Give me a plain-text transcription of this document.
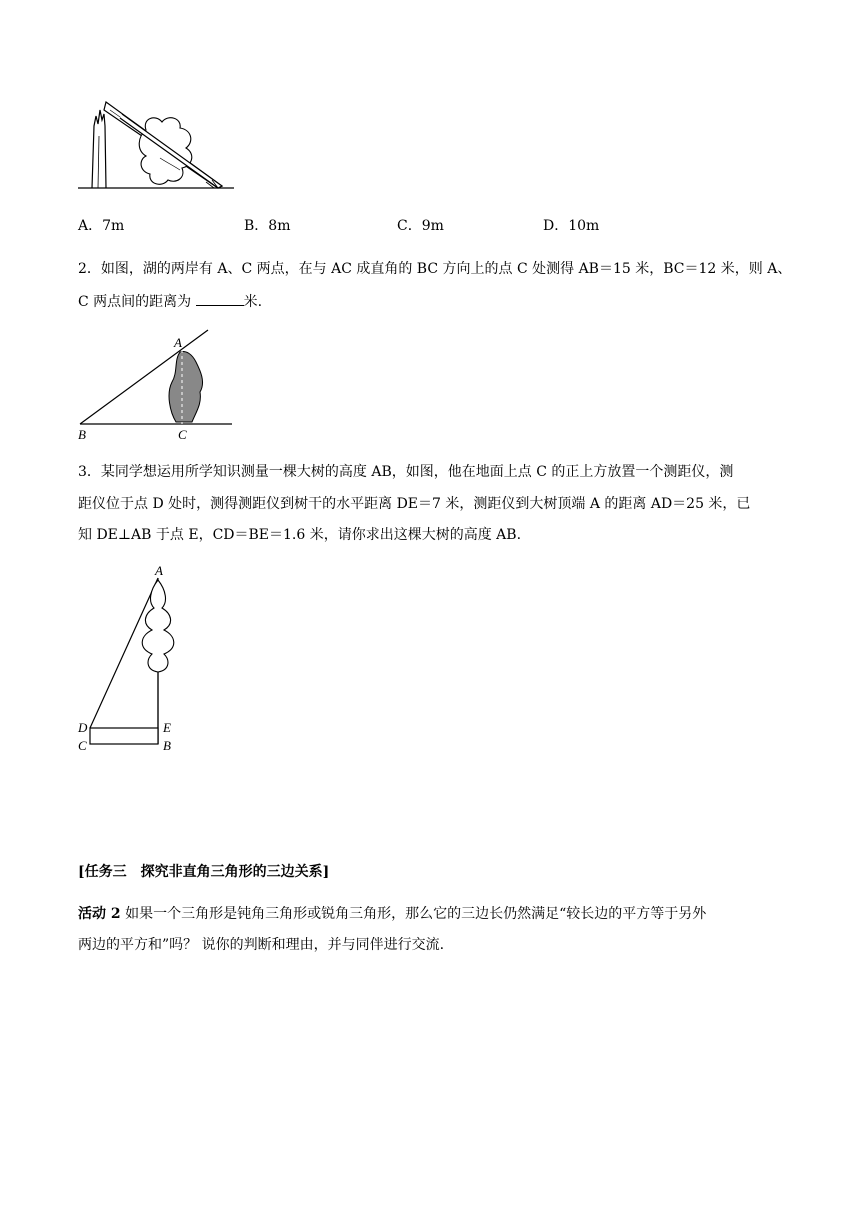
A．7m	B．8m	C．9m	D．10m
2．如图，湖的两岸有 A、C 两点，在与 AC 成直角的 BC 方向上的点 C 处测得 AB＝15 米，BC＝12 米，则 A、
C 两点间的距离为	米.
A
B	C
3．某同学想运用所学知识测量一棵大树的高度 AB，如图，他在地面上点 C 的正上方放置一个测距仪，测
距仪位于点 D 处时，测得测距仪到树干的水平距离 DE＝7 米，测距仪到大树顶端 A 的距离 AD＝25 米，已
知 DE⊥AB 于点 E，CD＝BE＝1.6 米，请你求出这棵大树的高度 AB.
A
D	E
C	B
[任务三　探究非直角三角形的三边关系]
活动 2 如果一个三角形是钝角三角形或锐角三角形，那么它的三边长仍然满足“较长边的平方等于另外
两边的平方和”吗？ 说你的判断和理由，并与同伴进行交流.
